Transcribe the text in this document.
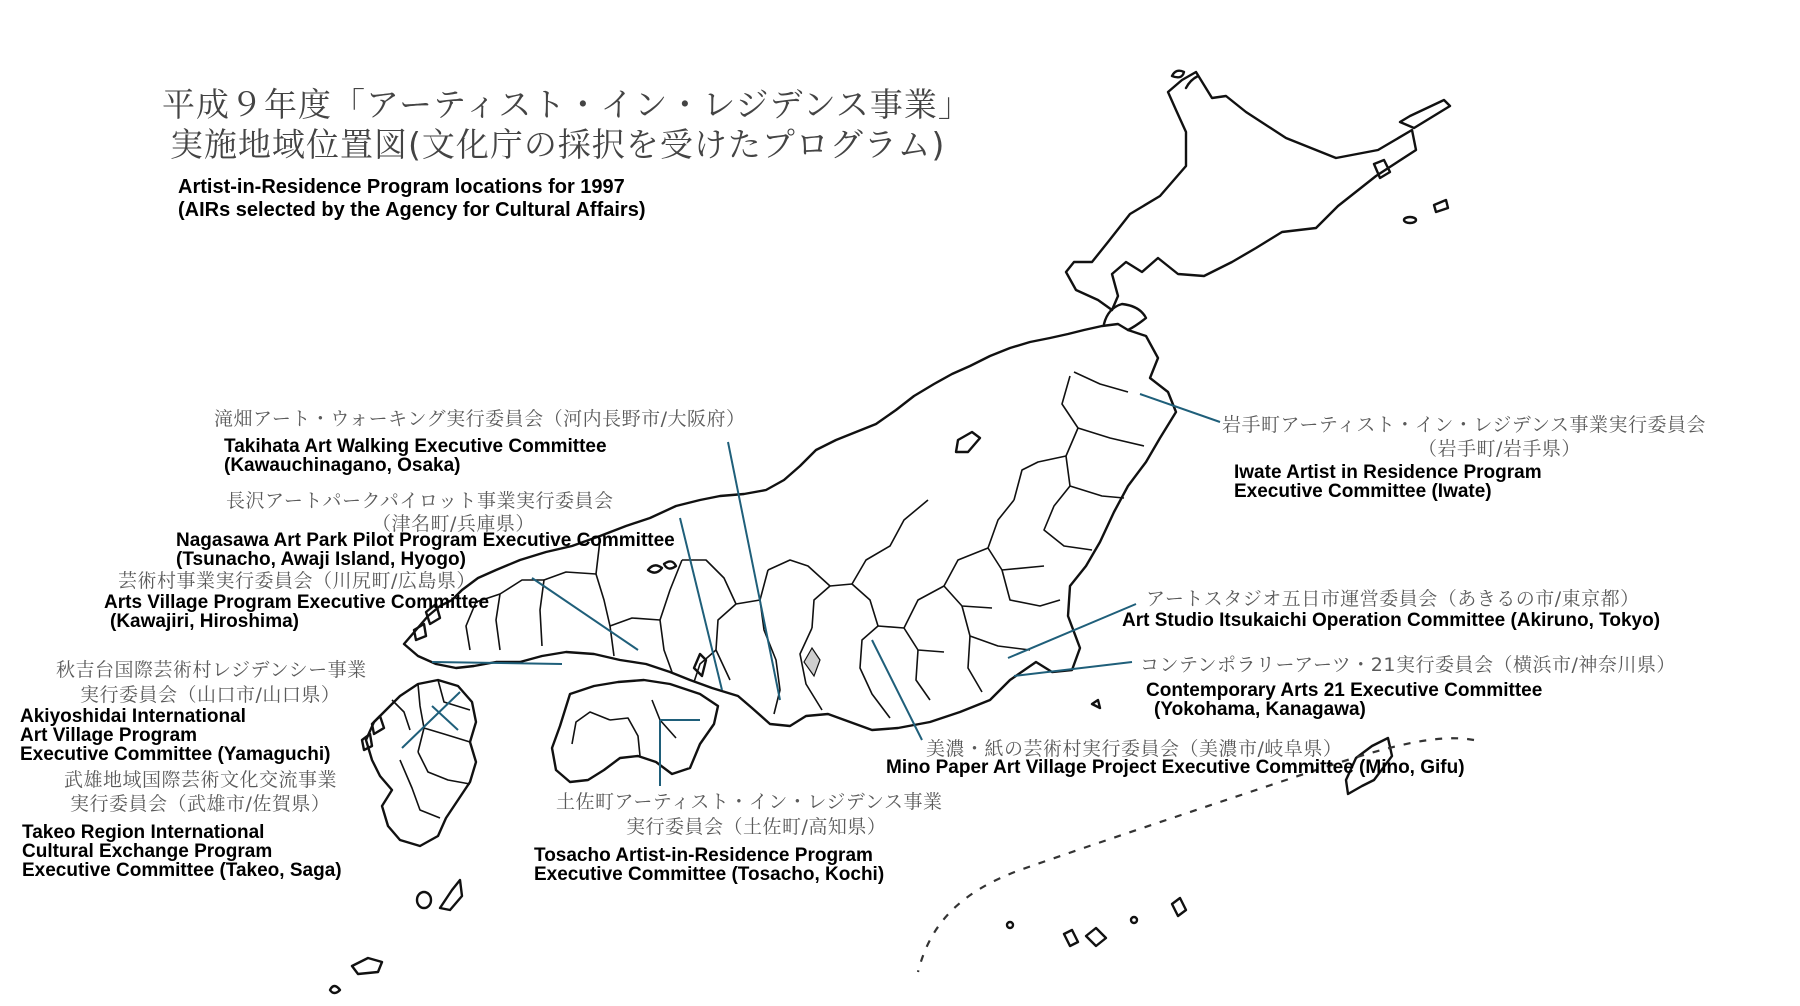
平成９年度「アーティスト・イン・レジデンス事業」
実施地域位置図(文化庁の採択を受けたプログラム)
Artist-in-Residence Program locations for 1997
(AIRs selected by the Agency for Cultural Affairs)
滝畑アート・ウォーキング実行委員会（河内長野市/大阪府）
Takihata Art Walking Executive Committee
(Kawauchinagano, Osaka)
長沢アートパークパイロット事業実行委員会
（津名町/兵庫県）
Nagasawa Art Park Pilot Program Executive Committee
(Tsunacho, Awaji Island, Hyogo)
芸術村事業実行委員会（川尻町/広島県）
Arts Village Program Executive Committee
(Kawajiri, Hiroshima)
秋吉台国際芸術村レジデンシー事業
実行委員会（山口市/山口県）
Akiyoshidai International
Art Village Program
Executive Committee (Yamaguchi)
武雄地域国際芸術文化交流事業
実行委員会（武雄市/佐賀県）
Takeo Region International
Cultural Exchange Program
Executive Committee (Takeo, Saga)
土佐町アーティスト・イン・レジデンス事業
実行委員会（土佐町/高知県）
Tosacho Artist-in-Residence Program
Executive Committee (Tosacho, Kochi)
美濃・紙の芸術村実行委員会（美濃市/岐阜県）
Mino Paper Art Village Project Executive Committee (Mino, Gifu)
コンテンポラリーアーツ・21実行委員会（横浜市/神奈川県）
Contemporary Arts 21 Executive Committee
(Yokohama, Kanagawa)
アートスタジオ五日市運営委員会（あきるの市/東京都）
Art Studio Itsukaichi Operation Committee (Akiruno, Tokyo)
岩手町アーティスト・イン・レジデンス事業実行委員会
（岩手町/岩手県）
Iwate Artist in Residence Program
Executive Committee (Iwate)
